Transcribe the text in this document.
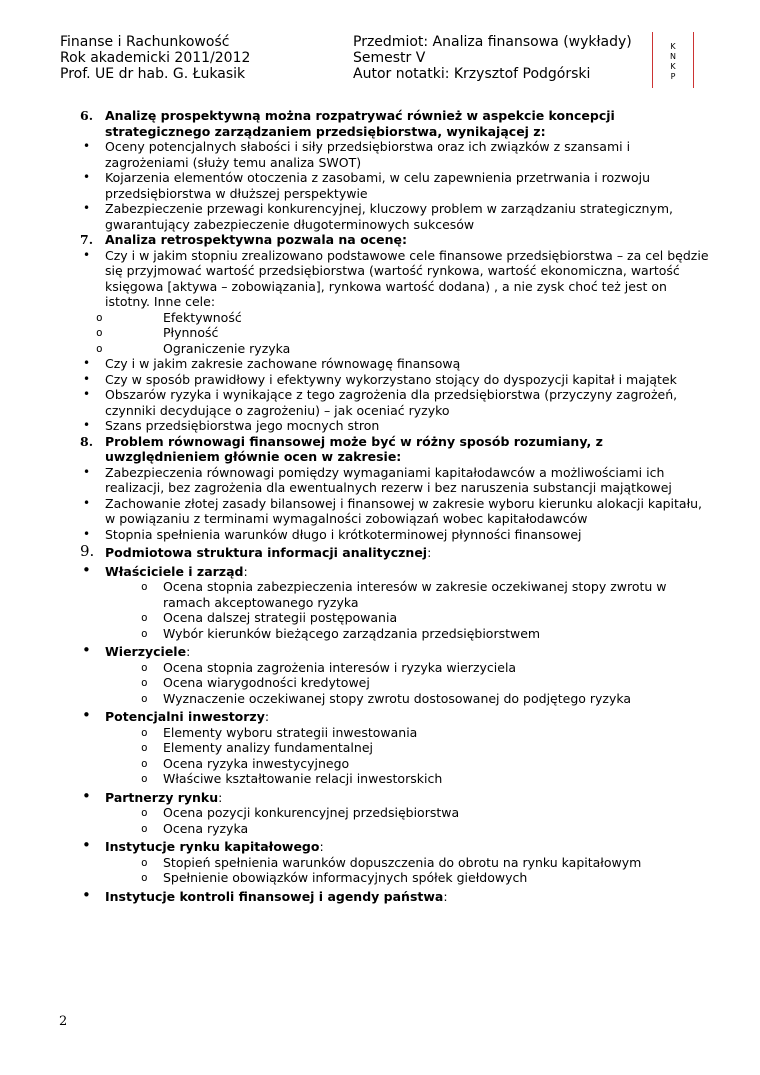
Finanse i Rachunkowość
Rok akademicki 2011/2012
Prof. UE dr hab. G. Łukasik
Przedmiot: Analiza finansowa (wykłady)
Semestr V
Autor notatki: Krzysztof Podgórski
K
N
K
P
6. Analizę prospektywną można rozpatrywać również w aspekcie koncepcji strategicznego zarządzaniem przedsiębiorstwa, wynikającej z:
• Oceny potencjalnych słabości i siły przedsiębiorstwa oraz ich związków z szansami i zagrożeniami (służy temu analiza SWOT)
• Kojarzenia elementów otoczenia z zasobami, w celu zapewnienia przetrwania i rozwoju przedsiębiorstwa w dłuższej perspektywie
• Zabezpieczenie przewagi konkurencyjnej, kluczowy problem w zarządzaniu strategicznym, gwarantujący zabezpieczenie długoterminowych sukcesów
7. Analiza retrospektywna pozwala na ocenę:
• Czy i w jakim stopniu zrealizowano podstawowe cele finansowe przedsiębiorstwa – za cel będzie się przyjmować wartość przedsiębiorstwa (wartość rynkowa, wartość ekonomiczna, wartość księgowa [aktywa – zobowiązania], rynkowa wartość dodana) , a nie zysk choć też jest on istotny. Inne cele:
o Efektywność
o Płynność
o Ograniczenie ryzyka
• Czy i w jakim zakresie zachowane równowagę finansową
• Czy w sposób prawidłowy i efektywny wykorzystano stojący do dyspozycji kapitał i majątek
• Obszarów ryzyka i wynikające z tego zagrożenia dla przedsiębiorstwa (przyczyny zagrożeń, czynniki decydujące o zagrożeniu) – jak oceniać ryzyko
• Szans przedsiębiorstwa jego mocnych stron
8. Problem równowagi finansowej może być w różny sposób rozumiany, z uwzględnieniem głównie ocen w zakresie:
• Zabezpieczenia równowagi pomiędzy wymaganiami kapitałodawców a możliwościami ich realizacji, bez zagrożenia dla ewentualnych rezerw i bez naruszenia substancji majątkowej
• Zachowanie złotej zasady bilansowej i finansowej w zakresie wyboru kierunku alokacji kapitału, w powiązaniu z terminami wymagalności zobowiązań wobec kapitałodawców
• Stopnia spełnienia warunków długo i krótkoterminowej płynności finansowej
9. Podmiotowa struktura informacji analitycznej:
• Właściciele i zarząd:
o Ocena stopnia zabezpieczenia interesów w zakresie oczekiwanej stopy zwrotu w ramach akceptowanego ryzyka
o Ocena dalszej strategii postępowania
o Wybór kierunków bieżącego zarządzania przedsiębiorstwem
• Wierzyciele:
o Ocena stopnia zagrożenia interesów i ryzyka wierzyciela
o Ocena wiarygodności kredytowej
o Wyznaczenie oczekiwanej stopy zwrotu dostosowanej do podjętego ryzyka
• Potencjalni inwestorzy:
o Elementy wyboru strategii inwestowania
o Elementy analizy fundamentalnej
o Ocena ryzyka inwestycyjnego
o Właściwe kształtowanie relacji inwestorskich
• Partnerzy rynku:
o Ocena pozycji konkurencyjnej przedsiębiorstwa
o Ocena ryzyka
• Instytucje rynku kapitałowego:
o Stopień spełnienia warunków dopuszczenia do obrotu na rynku kapitałowym
o Spełnienie obowiązków informacyjnych spółek giełdowych
• Instytucje kontroli finansowej i agendy państwa:
2
